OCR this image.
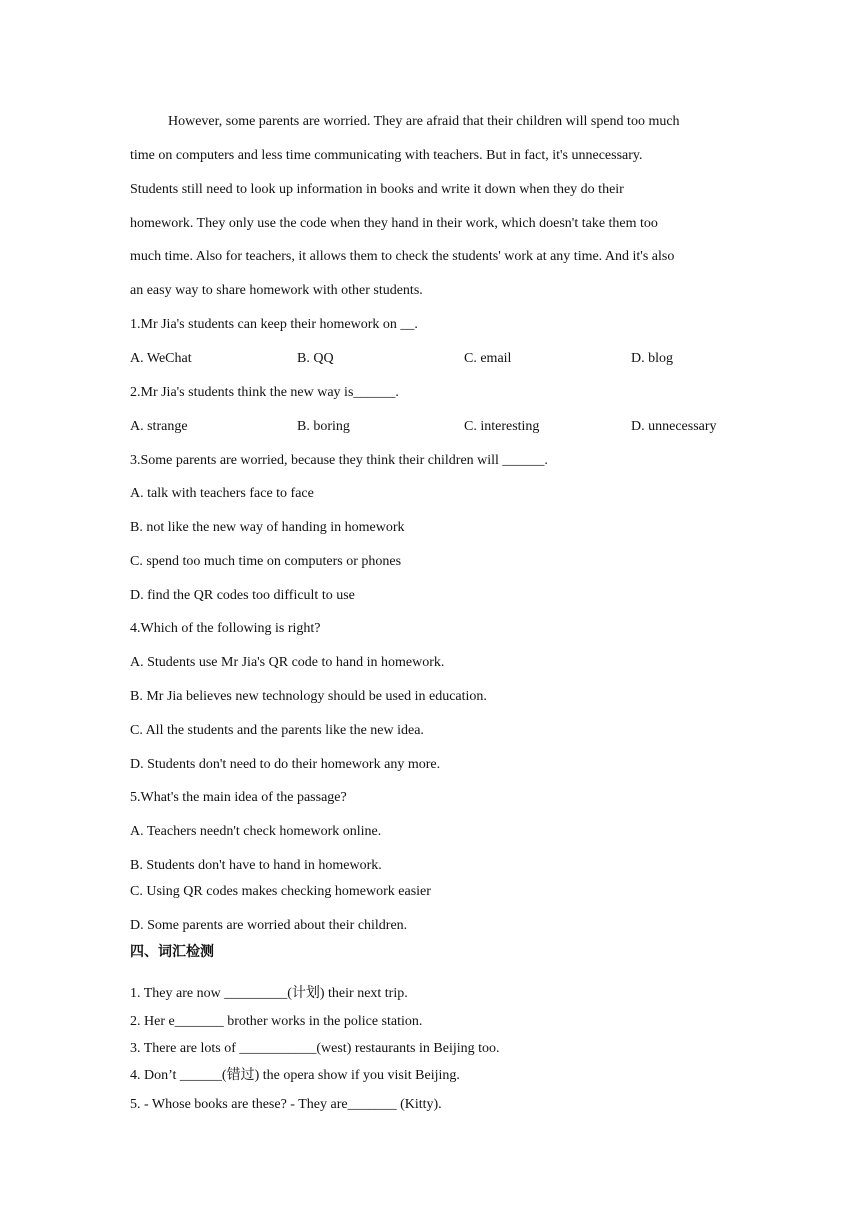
However, some parents are worried. They are afraid that their children will spend too much
time on computers and less time communicating with teachers. But in fact, it's unnecessary.
Students still need to look up information in books and write it down when they do their
homework. They only use the code when they hand in their work, which doesn't take them too
much time. Also for teachers, it allows them to check the students' work at any time. And it's also
an easy way to share homework with other students.
1.Mr Jia's students can keep their homework on __.
A. WeChat	B. QQ	C. email	D. blog
2.Mr Jia's students think the new way is______.
A. strange	B. boring	C. interesting	D. unnecessary
3.Some parents are worried, because they think their children will ______.
A. talk with teachers face to face
B. not like the new way of handing in homework
C. spend too much time on computers or phones
D. find the QR codes too difficult to use
4.Which of the following is right?
A. Students use Mr Jia's QR code to hand in homework.
B. Mr Jia believes new technology should be used in education.
C. All the students and the parents like the new idea.
D. Students don't need to do their homework any more.
5.What's the main idea of the passage?
A. Teachers needn't check homework online.
B. Students don't have to hand in homework.
C. Using QR codes makes checking homework easier
D. Some parents are worried about their children.
四、词汇检测
1. They are now _________(计划) their next trip.
2. Her e_______ brother works in the police station.
3. There are lots of ___________(west) restaurants in Beijing too.
4. Don’t ______(错过) the opera show if you visit Beijing.
5. - Whose books are these? - They are_______ (Kitty).
